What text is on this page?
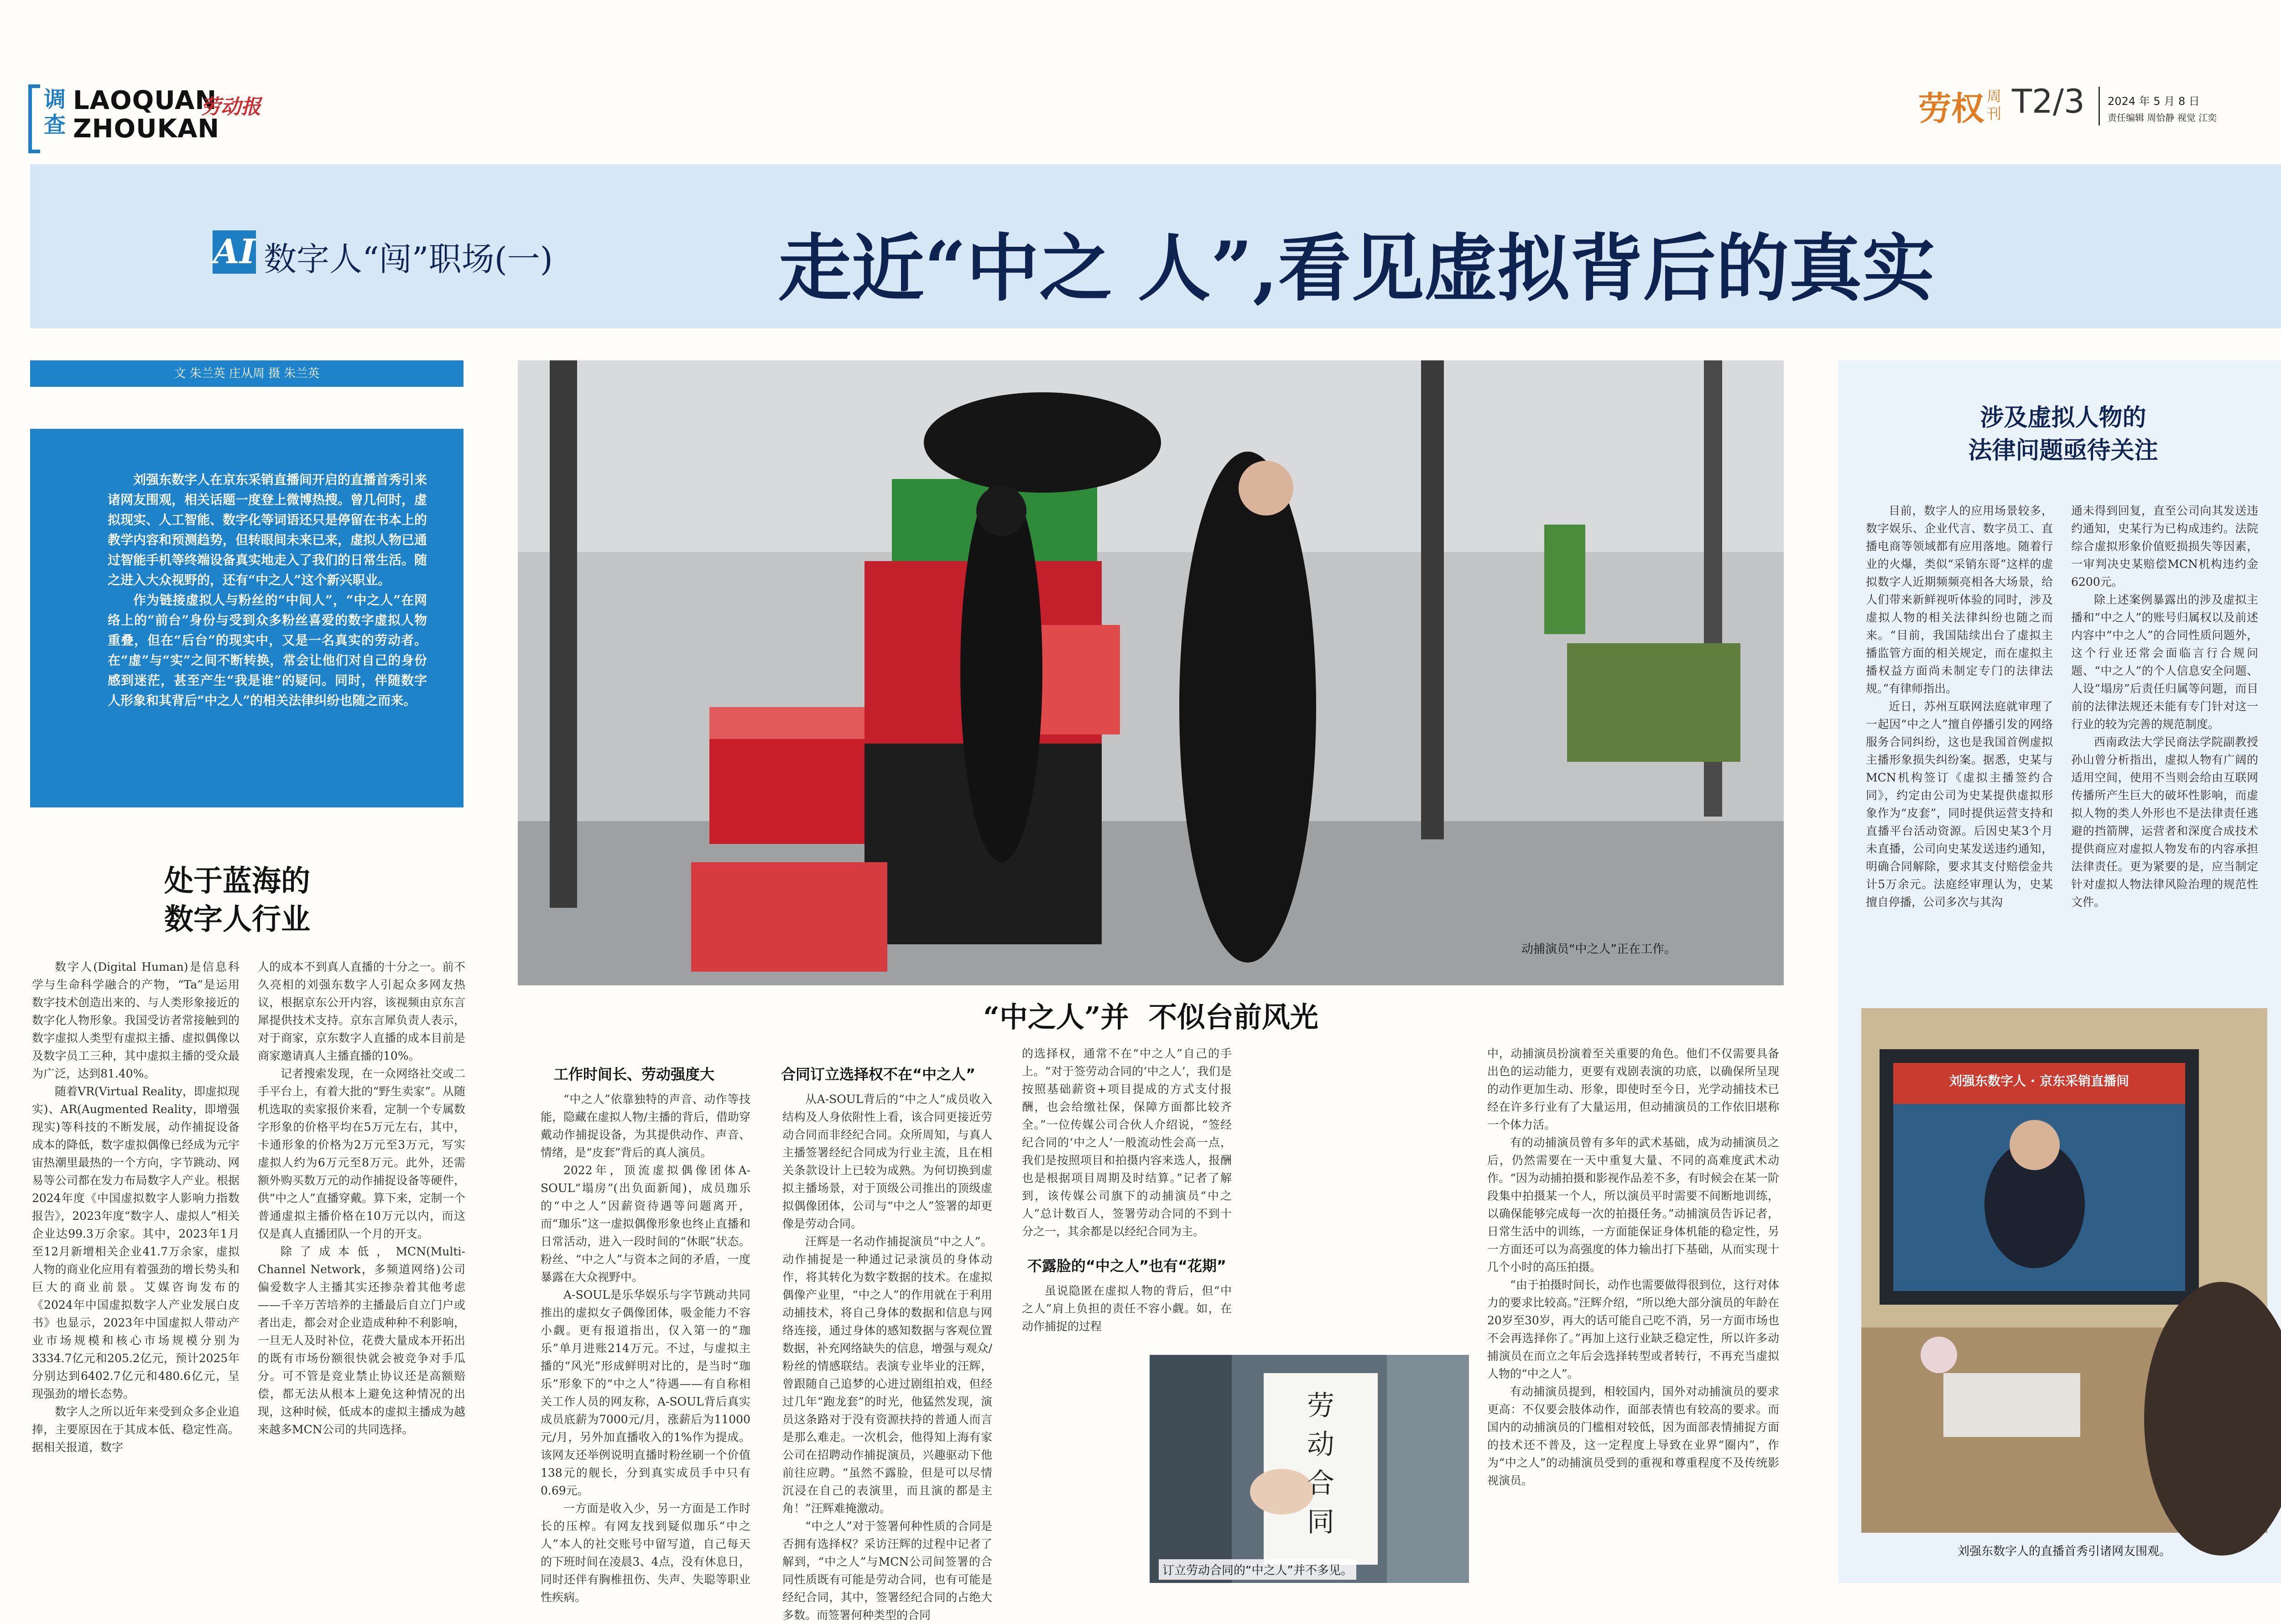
调查
LAOQUAN
ZHOUKAN
劳动报	劳权 周刊 T2/3 2024 年 5 月 8 日
责任编辑 周恰静 视觉 江奕
AI 数字人“闯”职场(一)	走近“中之 人”,看见虚拟背后的真实
文 朱兰英 庄从周 摄 朱兰英

刘强东数字人在京东采销直播间开启的直播首秀引来诸网友围观，相关话题一度登上微博热搜。曾几何时，虚拟现实、人工智能、数字化等词语还只是停留在书本上的教学内容和预测趋势，但转眼间未来已来，虚拟人物已通过智能手机等终端设备真实地走入了我们的日常生活。随之进入大众视野的，还有“中之人”这个新兴职业。

作为链接虚拟人与粉丝的“中间人”，“中之人”在网络上的“前台”身份与受到众多粉丝喜爱的数字虚拟人物重叠，但在“后台”的现实中，又是一名真实的劳动者。在“虚”与“实”之间不断转换，常会让他们对自己的身份感到迷茫，甚至产生“我是谁”的疑问。同时，伴随数字人形象和其背后“中之人”的相关法律纠纷也随之而来。

处于蓝海的
数字人行业

数字人(Digital Human)是信息科学与生命科学融合的产物，“Ta”是运用数字技术创造出来的、与人类形象接近的数字化人物形象。我国受访者常接触到的数字虚拟人类型有虚拟主播、虚拟偶像以及数字员工三种，其中虚拟主播的受众最为广泛，达到81.40%。

随着VR(Virtual Reality，即虚拟现实)、AR(Augmented Reality，即增强现实)等科技的不断发展，动作捕捉设备成本的降低，数字虚拟偶像已经成为元宇宙热潮里最热的一个方向，字节跳动、网易等公司都在发力布局数字人产业。根据2024年度《中国虚拟数字人影响力指数报告》，2023年度“数字人、虚拟人”相关企业达99.3万余家。其中，2023年1月至12月新增相关企业41.7万余家，虚拟人物的商业化应用有着强劲的增长势头和巨大的商业前景。艾媒咨询发布的《2024年中国虚拟数字人产业发展白皮书》也显示，2023年中国虚拟人带动产业市场规模和核心市场规模分别为3334.7亿元和205.2亿元，预计2025年分别达到6402.7亿元和480.6亿元，呈现强劲的增长态势。

数字人之所以近年来受到众多企业追捧，主要原因在于其成本低、稳定性高。据相关报道，数字

人的成本不到真人直播的十分之一。前不久亮相的刘强东数字人引起众多网友热议，根据京东公开内容，该视频由京东言犀提供技术支持。京东言犀负责人表示，对于商家，京东数字人直播的成本目前是商家邀请真人主播直播的10%。

记者搜索发现，在一众网络社交或二手平台上，有着大批的“野生卖家”。从随机选取的卖家报价来看，定制一个专属数字形象的价格平均在5万元左右，其中，卡通形象的价格为2万元至3万元，写实虚拟人约为6万元至8万元。此外，还需额外购买数万元的动作捕捉设备等硬件，供“中之人”直播穿戴。算下来，定制一个普通虚拟主播价格在10万元以内，而这仅是真人直播团队一个月的开支。

除了成本低，MCN(Multi-Channel Network，多频道网络)公司偏爱数字人主播其实还掺杂着其他考虑——千辛万苦培养的主播最后自立门户或者出走，都会对企业造成种种不利影响，一旦无人及时补位，花费大量成本开拓出的既有市场份额很快就会被竞争对手瓜分。可不管是竞业禁止协议还是高额赔偿，都无法从根本上避免这种情况的出现，这种时候，低成本的虚拟主播成为越来越多MCN公司的共同选择。

动捕演员“中之人”正在工作。
“中之人”并  不似台前风光
工作时间长、劳动强度大

“中之人”依靠独特的声音、动作等技能，隐藏在虚拟人物/主播的背后，借助穿戴动作捕捉设备，为其提供动作、声音、情绪，是“皮套”背后的真人演员。

2022年，顶流虚拟偶像团体A-SOUL“塌房”(出负面新闻)，成员珈乐的“中之人”因薪资待遇等问题离开，而“珈乐”这一虚拟偶像形象也终止直播和日常活动，进入一段时间的“休眠”状态。粉丝、“中之人”与资本之间的矛盾，一度暴露在大众视野中。

A-SOUL是乐华娱乐与字节跳动共同推出的虚拟女子偶像团体，吸金能力不容小觑。更有报道指出，仅入第一的“珈乐”单月进账214万元。不过，与虚拟主播的“风光”形成鲜明对比的，是当时“珈乐”形象下的“中之人”待遇——有自称相关工作人员的网友称，A-SOUL背后真实成员底薪为7000元/月，涨薪后为11000元/月，另外加直播收入的1%作为提成。该网友还举例说明直播时粉丝刷一个价值138元的舰长，分到真实成员手中只有0.69元。

一方面是收入少，另一方面是工作时长的压榨。有网友找到疑似珈乐“中之人”本人的社交账号中留写道，自己每天的下班时间在凌晨3、4点，没有休息日，同时还伴有胸椎扭伤、失声、失聪等职业性疾病。

合同订立选择权不在“中之人”

从A-SOUL背后的“中之人”成员收入结构及人身依附性上看，该合同更接近劳动合同而非经纪合同。众所周知，与真人主播签署经纪合同成为行业主流，且在相关条款设计上已较为成熟。为何切换到虚拟主播场景，对于顶级公司推出的顶级虚拟偶像团体，公司与“中之人”签署的却更像是劳动合同。

汪辉是一名动作捕捉演员“中之人”。动作捕捉是一种通过记录演员的身体动作，将其转化为数字数据的技术。在虚拟偶像产业里，“中之人”的作用就在于利用动捕技术，将自己身体的数据和信息与网络连接，通过身体的感知数据与客观位置数据，补充网络缺失的信息，增强与观众/粉丝的情感联结。表演专业毕业的汪辉，曾跟随自己追梦的心进过剧组拍戏，但经过几年“跑龙套”的时光，他猛然发现，演员这条路对于没有资源扶持的普通人而言是那么难走。一次机会，他得知上海有家公司在招聘动作捕捉演员，兴趣驱动下他前往应聘。“虽然不露脸，但是可以尽情沉浸在自己的表演里，而且演的都是主角！”汪辉难掩激动。

“中之人”对于签署何种性质的合同是否拥有选择权？采访汪辉的过程中记者了解到，“中之人”与MCN公司间签署的合同性质既有可能是劳动合同，也有可能是经纪合同，其中，签署经纪合同的占绝大多数。而签署何种类型的合同

的选择权，通常不在“中之人”自己的手上。“对于签劳动合同的‘中之人’，我们是按照基础薪资+项目提成的方式支付报酬，也会给缴社保，保障方面都比较齐全。”一位传媒公司合伙人介绍说，“签经纪合同的‘中之人’一般流动性会高一点，我们是按照项目和拍摄内容来选人，报酬也是根据项目周期及时结算。”记者了解到，该传媒公司旗下的动捕演员“中之人”总计数百人，签署劳动合同的不到十分之一，其余都是以经纪合同为主。

不露脸的“中之人”也有“花期”

虽说隐匿在虚拟人物的背后，但“中之人”肩上负担的责任不容小觑。如，在动作捕捉的过程

劳
动
合
同
订立劳动合同的“中之人”并不多见。

中，动捕演员扮演着至关重要的角色。他们不仅需要具备出色的运动能力，更要有戏剧表演的功底，以确保所呈现的动作更加生动、形象，即使时至今日，光学动捕技术已经在许多行业有了大量运用，但动捕演员的工作依旧堪称一个体力活。

有的动捕演员曾有多年的武术基础，成为动捕演员之后，仍然需要在一天中重复大量、不同的高难度武术动作。“因为动捕拍摄和影视作品差不多，有时候会在某一阶段集中拍摄某一个人，所以演员平时需要不间断地训练，以确保能够完成每一次的拍摄任务。”动捕演员告诉记者，日常生活中的训练，一方面能保证身体机能的稳定性，另一方面还可以为高强度的体力输出打下基础，从而实现十几个小时的高压拍摄。

“由于拍摄时间长，动作也需要做得很到位，这行对体力的要求比较高。”汪辉介绍，“所以绝大部分演员的年龄在20岁至30岁，再大的话可能自己吃不消，另一方面市场也不会再选择你了。”再加上这行业缺乏稳定性，所以许多动捕演员在而立之年后会选择转型或者转行，不再充当虚拟人物的“中之人”。

有动捕演员提到，相较国内，国外对动捕演员的要求更高：不仅要会肢体动作，面部表情也有较高的要求。而国内的动捕演员的门槛相对较低，因为面部表情捕捉方面的技术还不普及，这一定程度上导致在业界“圈内”，作为“中之人”的动捕演员受到的重视和尊重程度不及传统影视演员。

涉及虚拟人物的
法律问题亟待关注

目前，数字人的应用场景较多，数字娱乐、企业代言、数字员工、直播电商等领域都有应用落地。随着行业的火爆，类似“采销东哥”这样的虚拟数字人近期频频亮相各大场景，给人们带来新鲜视听体验的同时，涉及虚拟人物的相关法律纠纷也随之而来。“目前，我国陆续出台了虚拟主播监管方面的相关规定，而在虚拟主播权益方面尚未制定专门的法律法规。”有律师指出。

近日，苏州互联网法庭就审理了一起因“中之人”擅自停播引发的网络服务合同纠纷，这也是我国首例虚拟主播形象损失纠纷案。据悉，史某与MCN机构签订《虚拟主播签约合同》，约定由公司为史某提供虚拟形象作为“皮套”，同时提供运营支持和直播平台活动资源。后因史某3个月未直播，公司向史某发送违约通知，明确合同解除，要求其支付赔偿金共计5万余元。法庭经审理认为，史某擅自停播，公司多次与其沟

通未得到回复，直至公司向其发送违约通知，史某行为已构成违约。法院综合虚拟形象价值贬损损失等因素，一审判决史某赔偿MCN机构违约金6200元。

除上述案例暴露出的涉及虚拟主播和“中之人”的账号归属权以及前述内容中“中之人”的合同性质问题外，这个行业还常会面临言行合规问题、“中之人”的个人信息安全问题、人设“塌房”后责任归属等问题，而目前的法律法规还未能有专门针对这一行业的较为完善的规范制度。

西南政法大学民商法学院副教授孙山曾分析指出，虚拟人物有广阔的适用空间，使用不当则会给由互联网传播所产生巨大的破坏性影响，而虚拟人物的类人外形也不是法律责任逃避的挡箭牌，运营者和深度合成技术提供商应对虚拟人物发布的内容承担法律责任。更为紧要的是，应当制定针对虚拟人物法律风险治理的规范性文件。

刘强东数字人 · 京东采销直播间
刘强东数字人的直播首秀引诸网友围观。
